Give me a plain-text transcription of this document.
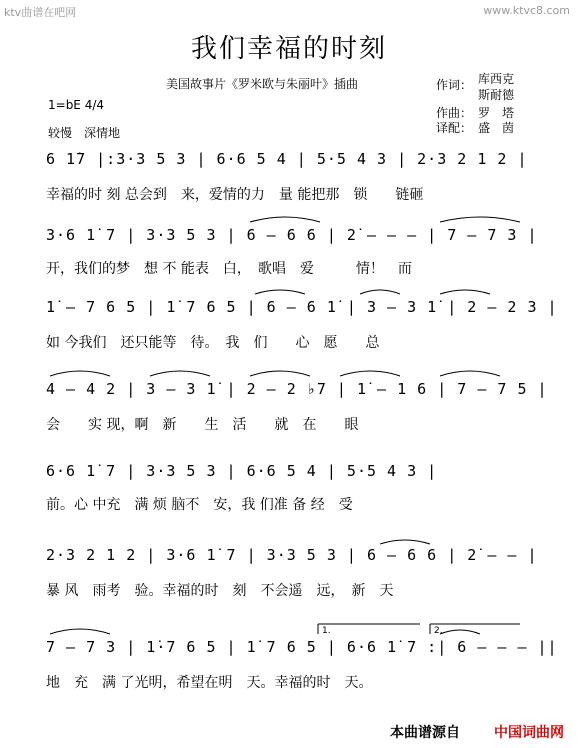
ktv曲谱在吧网	www.ktvc8.com
我们幸福的时刻
美国故事片《罗米欧与朱丽叶》插曲	作词： 库西克
斯耐德
作曲： 罗　塔
译配： 盛　茵
1=bE 4/4
较慢　深情地
6 1̇7 |:3·3 5 3 | 6·6 5 4 | 5·5 4 3 | 2·3 2 1 2 |
幸福的时 刻 总会到　来，爱情的力　量 能把那　锁　　链砸
3·6 1̇ 7 | 3·3 5 3 | 6 – 6 6 | 2̇ – – – | 7 – 7 3 |
开，我们的梦　想 不 能表　白，　歌唱　爱　　　情！　而
1̇ – 7 6 5 | 1̇ 7 6 5 | 6 – 6 1̇ | 3 – 3 1̇ | 2 – 2 3 |
如 今我们　还只能等　待。　我　们　　心　愿　　总
4 – 4 2 | 3 – 3 1̇ | 2 – 2 ♭7 | 1̇ – 1 6 | 7 – 7 5 |
会　　实 现，啊　新　　生　活　　就　在　　眼
6·6 1̇ 7 | 3·3 5 3 | 6·6 5 4 | 5·5 4 3 |
前。心 中充　满 烦 脑不　安，我 们准 备 经　受
2·3 2 1 2 | 3·6 1̇ 7 | 3·3 5 3 | 6 – 6 6 | 2̇ – – |
暴 风　雨考　验。幸福的时　刻　不会遥　远，　新　天
7 – 7 3 | 1̇·7 6 5 | 1̇ 7 6 5 | 6·6 1̇ 7 :| 6 – – – ||
地　充　满 了光明，希望在明　天。幸福的时　天。
1.	2.
本曲谱源自 中国词曲网
